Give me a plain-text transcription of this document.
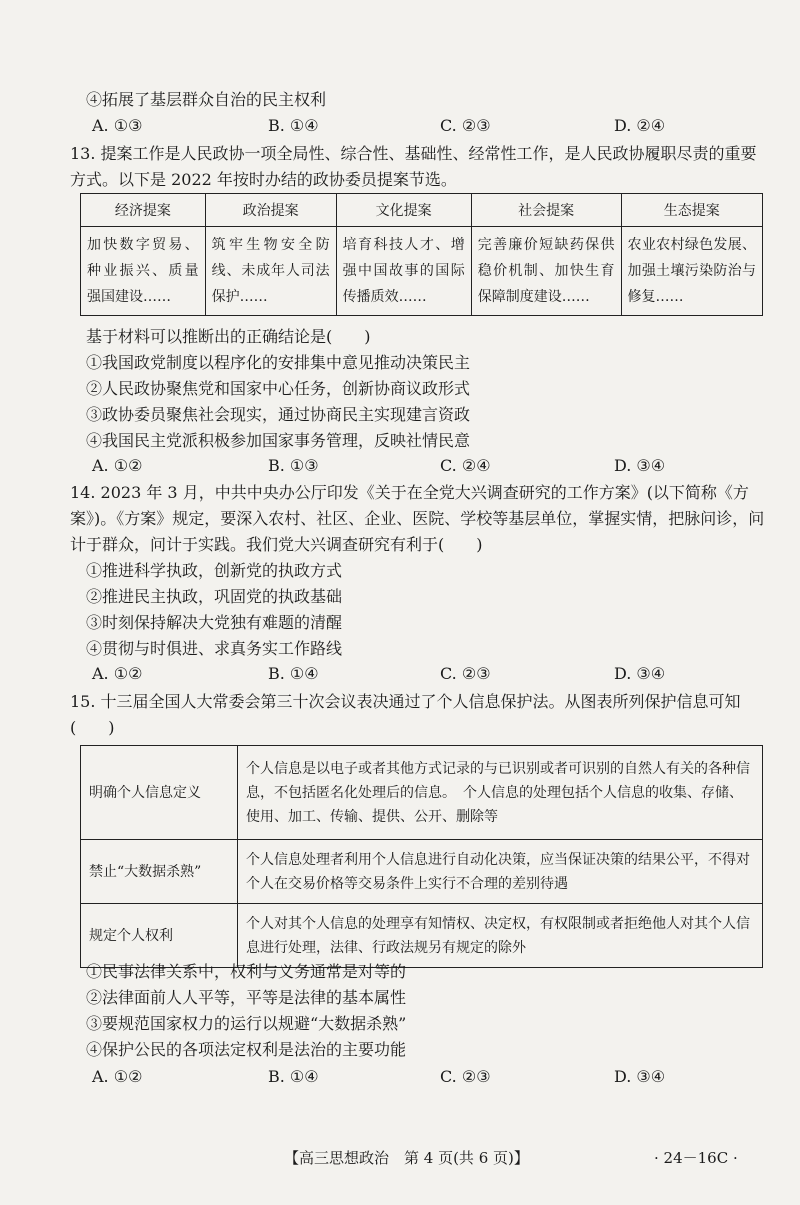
④拓展了基层群众自治的民主权利
A. ①③	B. ①④	C. ②③	D. ②④
13. 提案工作是人民政协一项全局性、综合性、基础性、经常性工作，是人民政协履职尽责的重要方式。以下是 2022 年按时办结的政协委员提案节选。
经济提案	政治提案	文化提案	社会提案	生态提案
加快数字贸易、种业振兴、质量强国建设……	筑牢生物安全防线、未成年人司法保护……	培育科技人才、增强中国故事的国际传播质效……	完善廉价短缺药保供稳价机制、加快生育保障制度建设……	农业农村绿色发展、加强土壤污染防治与修复……
基于材料可以推断出的正确结论是(　　)
①我国政党制度以程序化的安排集中意见推动决策民主
②人民政协聚焦党和国家中心任务，创新协商议政形式
③政协委员聚焦社会现实，通过协商民主实现建言资政
④我国民主党派积极参加国家事务管理，反映社情民意
A. ①②	B. ①③	C. ②④	D. ③④
14. 2023 年 3 月，中共中央办公厅印发《关于在全党大兴调查研究的工作方案》(以下简称《方案》)。《方案》规定，要深入农村、社区、企业、医院、学校等基层单位，掌握实情，把脉问诊，问计于群众，问计于实践。我们党大兴调查研究有利于(　　)
①推进科学执政，创新党的执政方式
②推进民主执政，巩固党的执政基础
③时刻保持解决大党独有难题的清醒
④贯彻与时俱进、求真务实工作路线
A. ①②	B. ①④	C. ②③	D. ③④
15. 十三届全国人大常委会第三十次会议表决通过了个人信息保护法。从图表所列保护信息可知(　　)
明确个人信息定义	个人信息是以电子或者其他方式记录的与已识别或者可识别的自然人有关的各种信息，不包括匿名化处理后的信息。　个人信息的处理包括个人信息的收集、存储、使用、加工、传输、提供、公开、删除等
禁止“大数据杀熟”	个人信息处理者利用个人信息进行自动化决策，应当保证决策的结果公平，不得对个人在交易价格等交易条件上实行不合理的差别待遇
规定个人权利	个人对其个人信息的处理享有知情权、决定权，有权限制或者拒绝他人对其个人信息进行处理，法律、行政法规另有规定的除外
①民事法律关系中，权利与义务通常是对等的
②法律面前人人平等，平等是法律的基本属性
③要规范国家权力的运行以规避“大数据杀熟”
④保护公民的各项法定权利是法治的主要功能
A. ①②	B. ①④	C. ②③	D. ③④
【高三思想政治　第 4 页(共 6 页)】	· 24－16C ·
